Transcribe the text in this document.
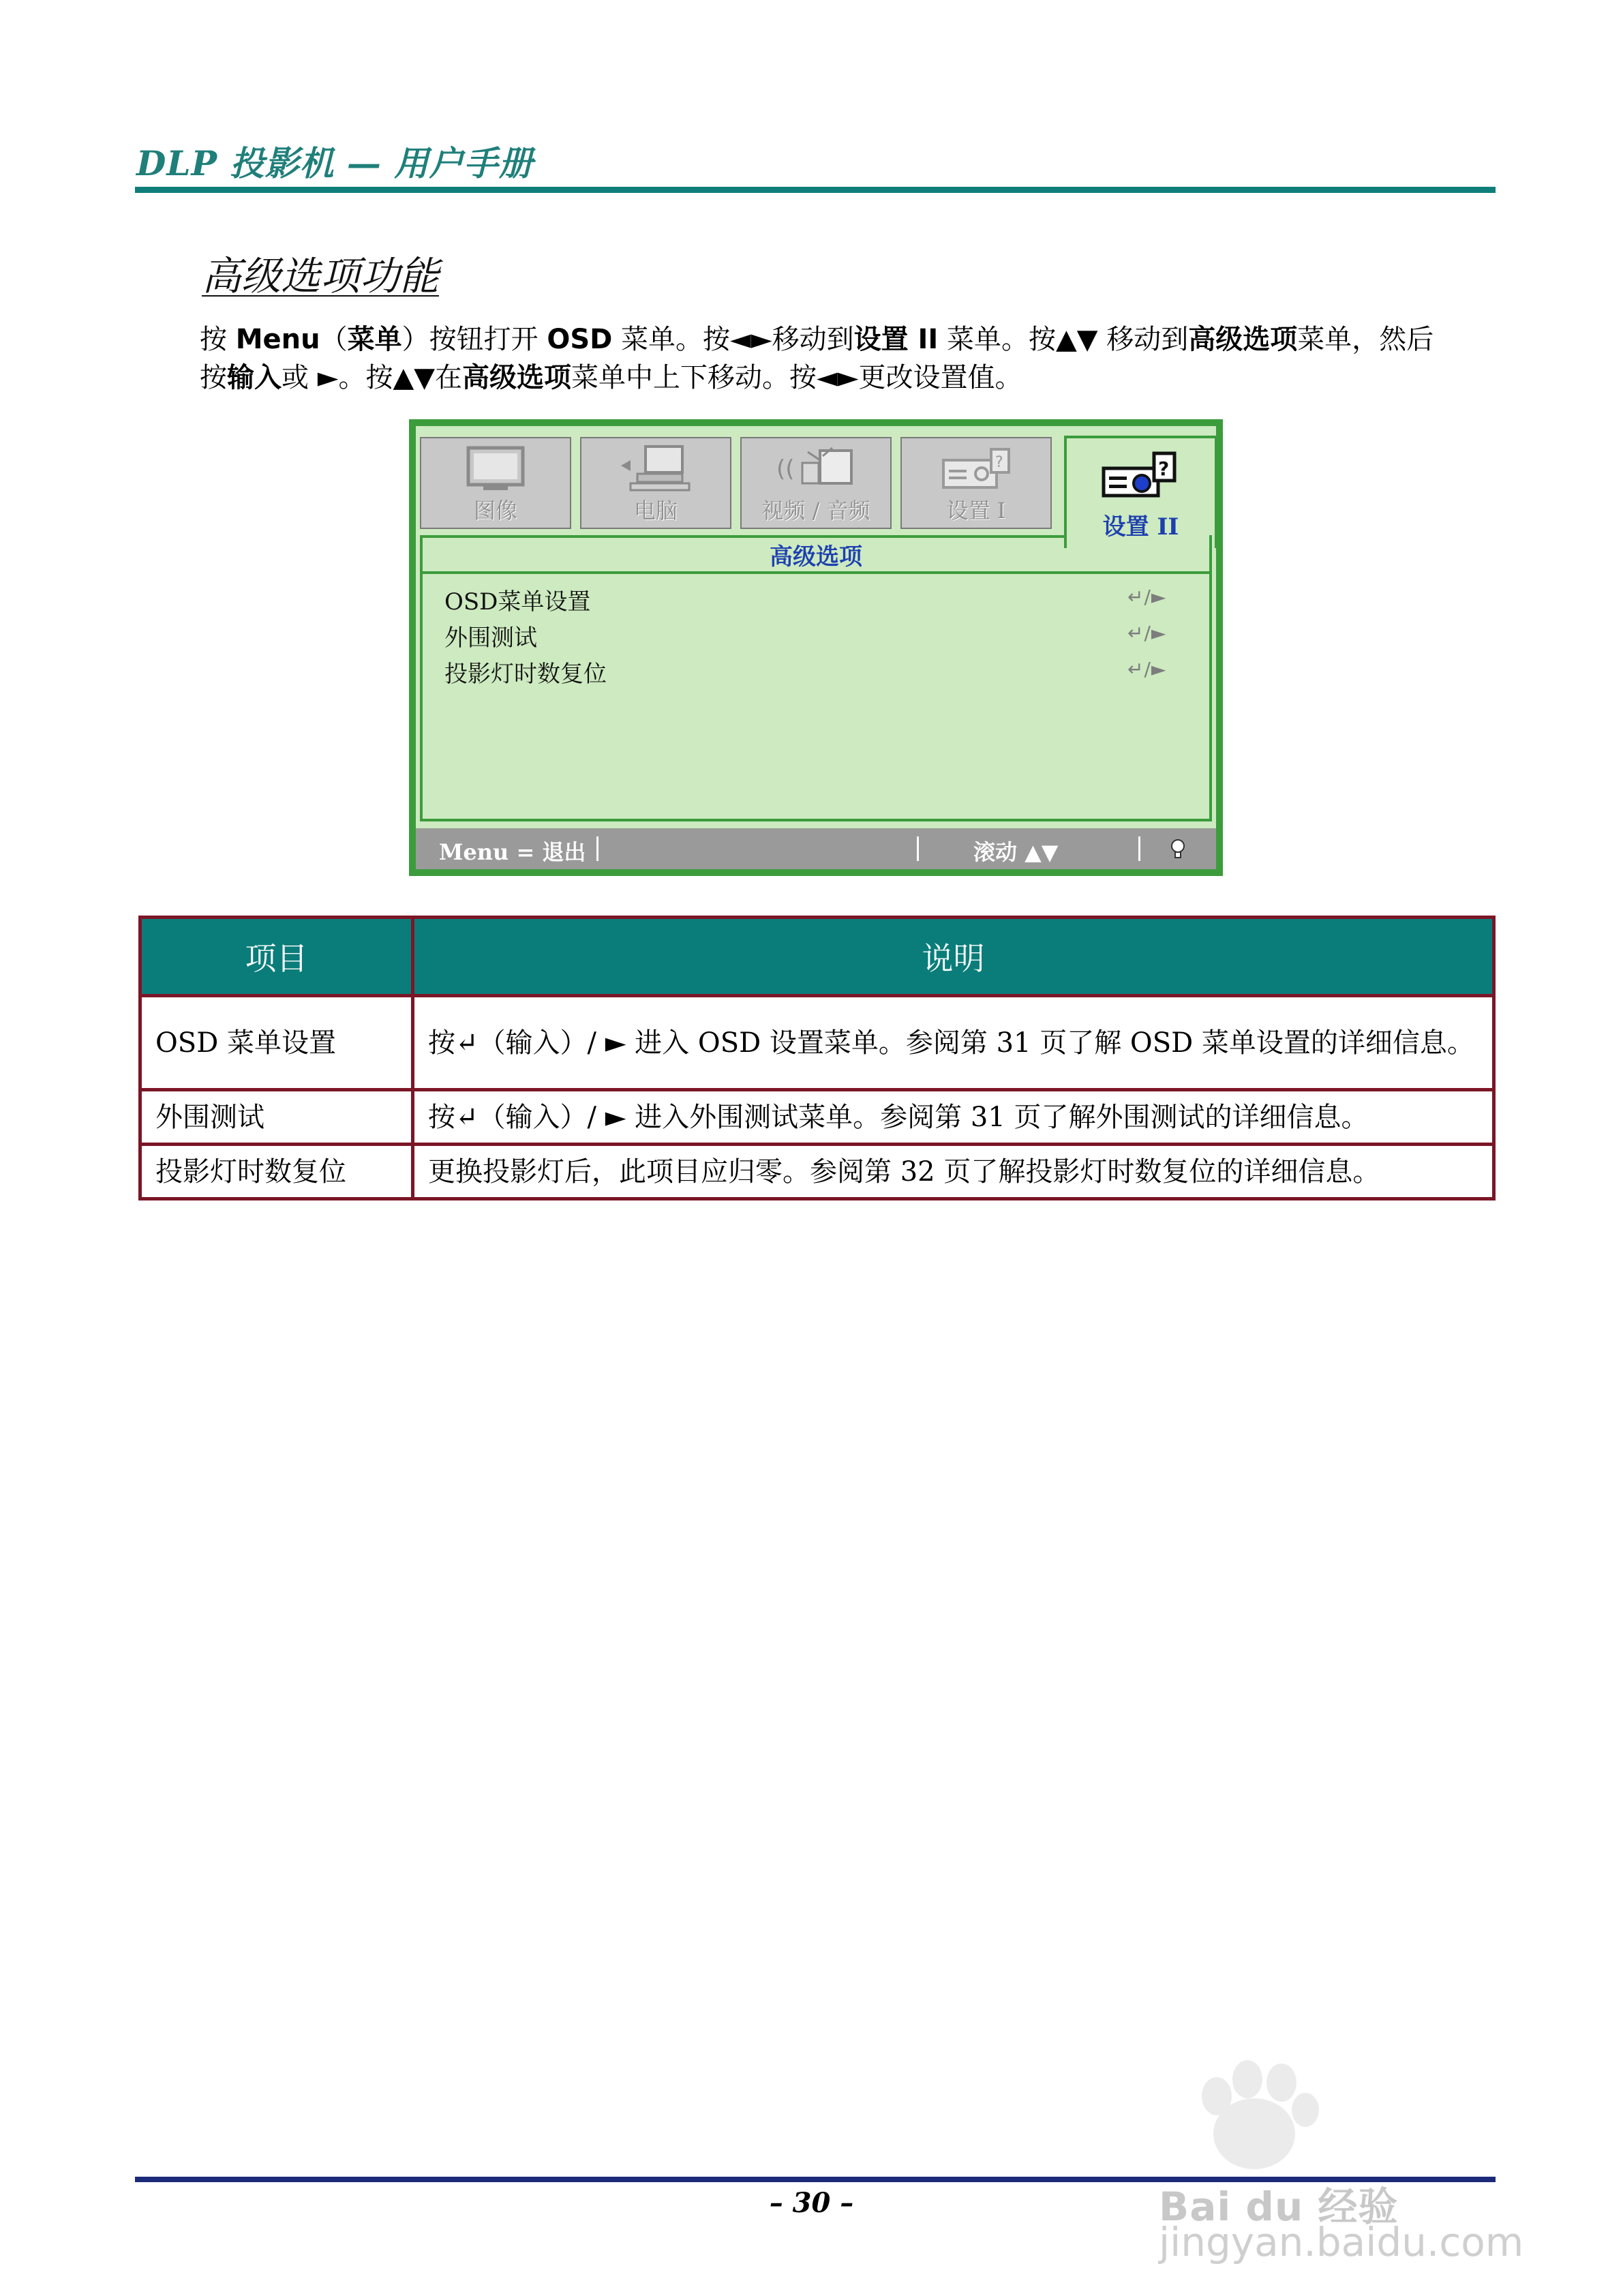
DLP 投影机 — 用户手册
高级选项功能
按 Menu（菜单）按钮打开 OSD 菜单。按◄►移动到设置 II 菜单。按▲▼ 移动到高级选项菜单，然后
按输入或 ►。按▲▼在高级选项菜单中上下移动。按◄►更改设置值。
图像	电脑
((
视频 / 音频
?
设置 I
?
设置 II
高级选项
OSD菜单设置	↵/►
外围测试	↵/►
投影灯时数复位	↵/►
Menu = 退出	滚动 ▲▼
项目	说明
OSD 菜单设置	按↵（输入）/ ► 进入 OSD 设置菜单。参阅第 31 页了解 OSD 菜单设置的详细信息。
外围测试	按↵（输入）/ ► 进入外围测试菜单。参阅第 31 页了解外围测试的详细信息。
投影灯时数复位	更换投影灯后，此项目应归零。参阅第 32 页了解投影灯时数复位的详细信息。
– 30 –	Bai du 经验
jingyan.baidu.com
